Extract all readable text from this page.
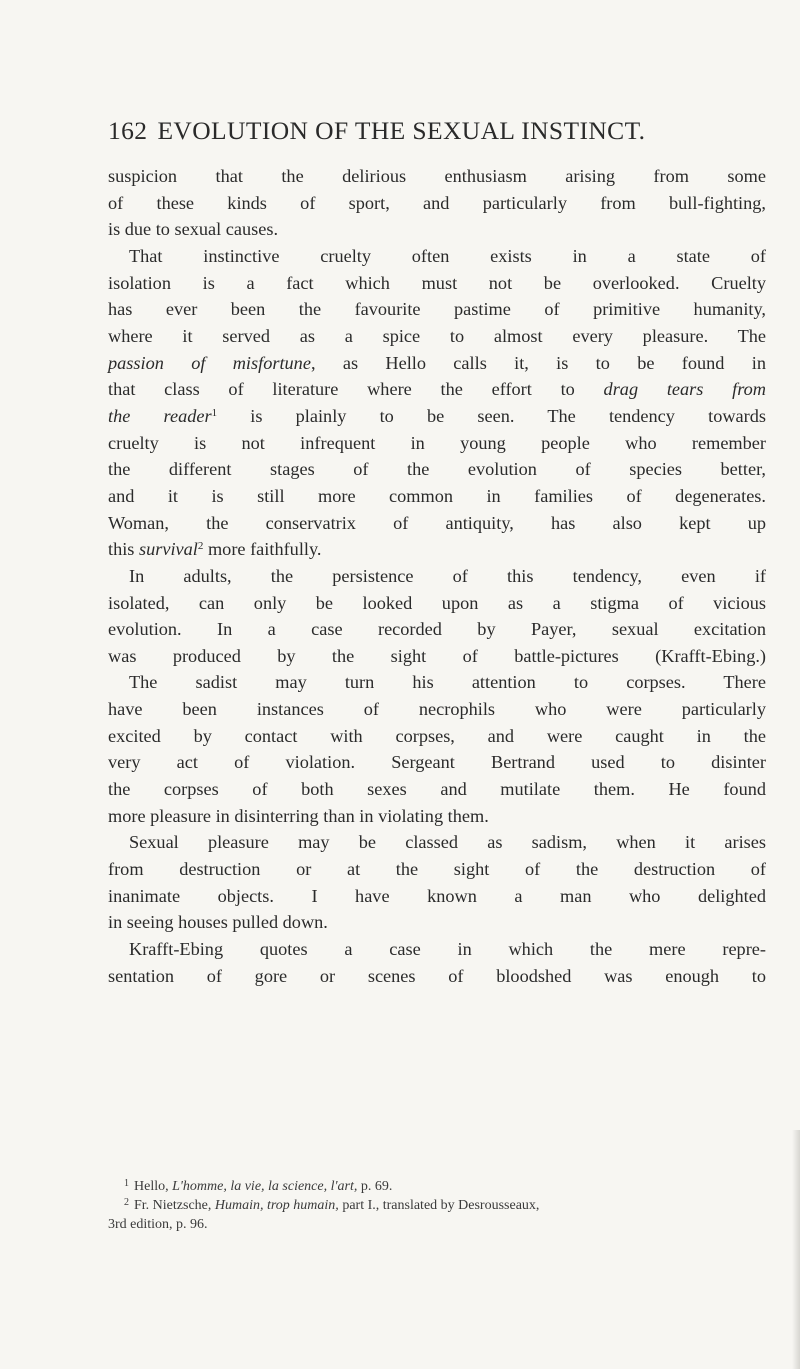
162 EVOLUTION OF THE SEXUAL INSTINCT.
suspicion that the delirious enthusiasm arising from some
of these kinds of sport, and particularly from bull-fighting,
is due to sexual causes.
That instinctive cruelty often exists in a state of
isolation is a fact which must not be overlooked. Cruelty
has ever been the favourite pastime of primitive humanity,
where it served as a spice to almost every pleasure. The
passion of misfortune, as Hello calls it, is to be found in
that class of literature where the effort to drag tears from
the reader$^1$ is plainly to be seen. The tendency towards
cruelty is not infrequent in young people who remember
the different stages of the evolution of species better,
and it is still more common in families of degenerates.
Woman, the conservatrix of antiquity, has also kept up
this survival$^2$ more faithfully.
In adults, the persistence of this tendency, even if
isolated, can only be looked upon as a stigma of vicious
evolution. In a case recorded by Payer, sexual excitation
was produced by the sight of battle-pictures (Krafft-Ebing.)
The sadist may turn his attention to corpses. There
have been instances of necrophils who were particularly
excited by contact with corpses, and were caught in the
very act of violation. Sergeant Bertrand used to disinter
the corpses of both sexes and mutilate them. He found
more pleasure in disinterring than in violating them.
Sexual pleasure may be classed as sadism, when it arises
from destruction or at the sight of the destruction of
inanimate objects. I have known a man who delighted
in seeing houses pulled down.
Krafft-Ebing quotes a case in which the mere repre-
sentation of gore or scenes of bloodshed was enough to
$^1$ Hello, L'homme, la vie, la science, l'art, p. 69.
$^2$ Fr. Nietzsche, Humain, trop humain, part I., translated by Desrousseaux,
3rd edition, p. 96.
